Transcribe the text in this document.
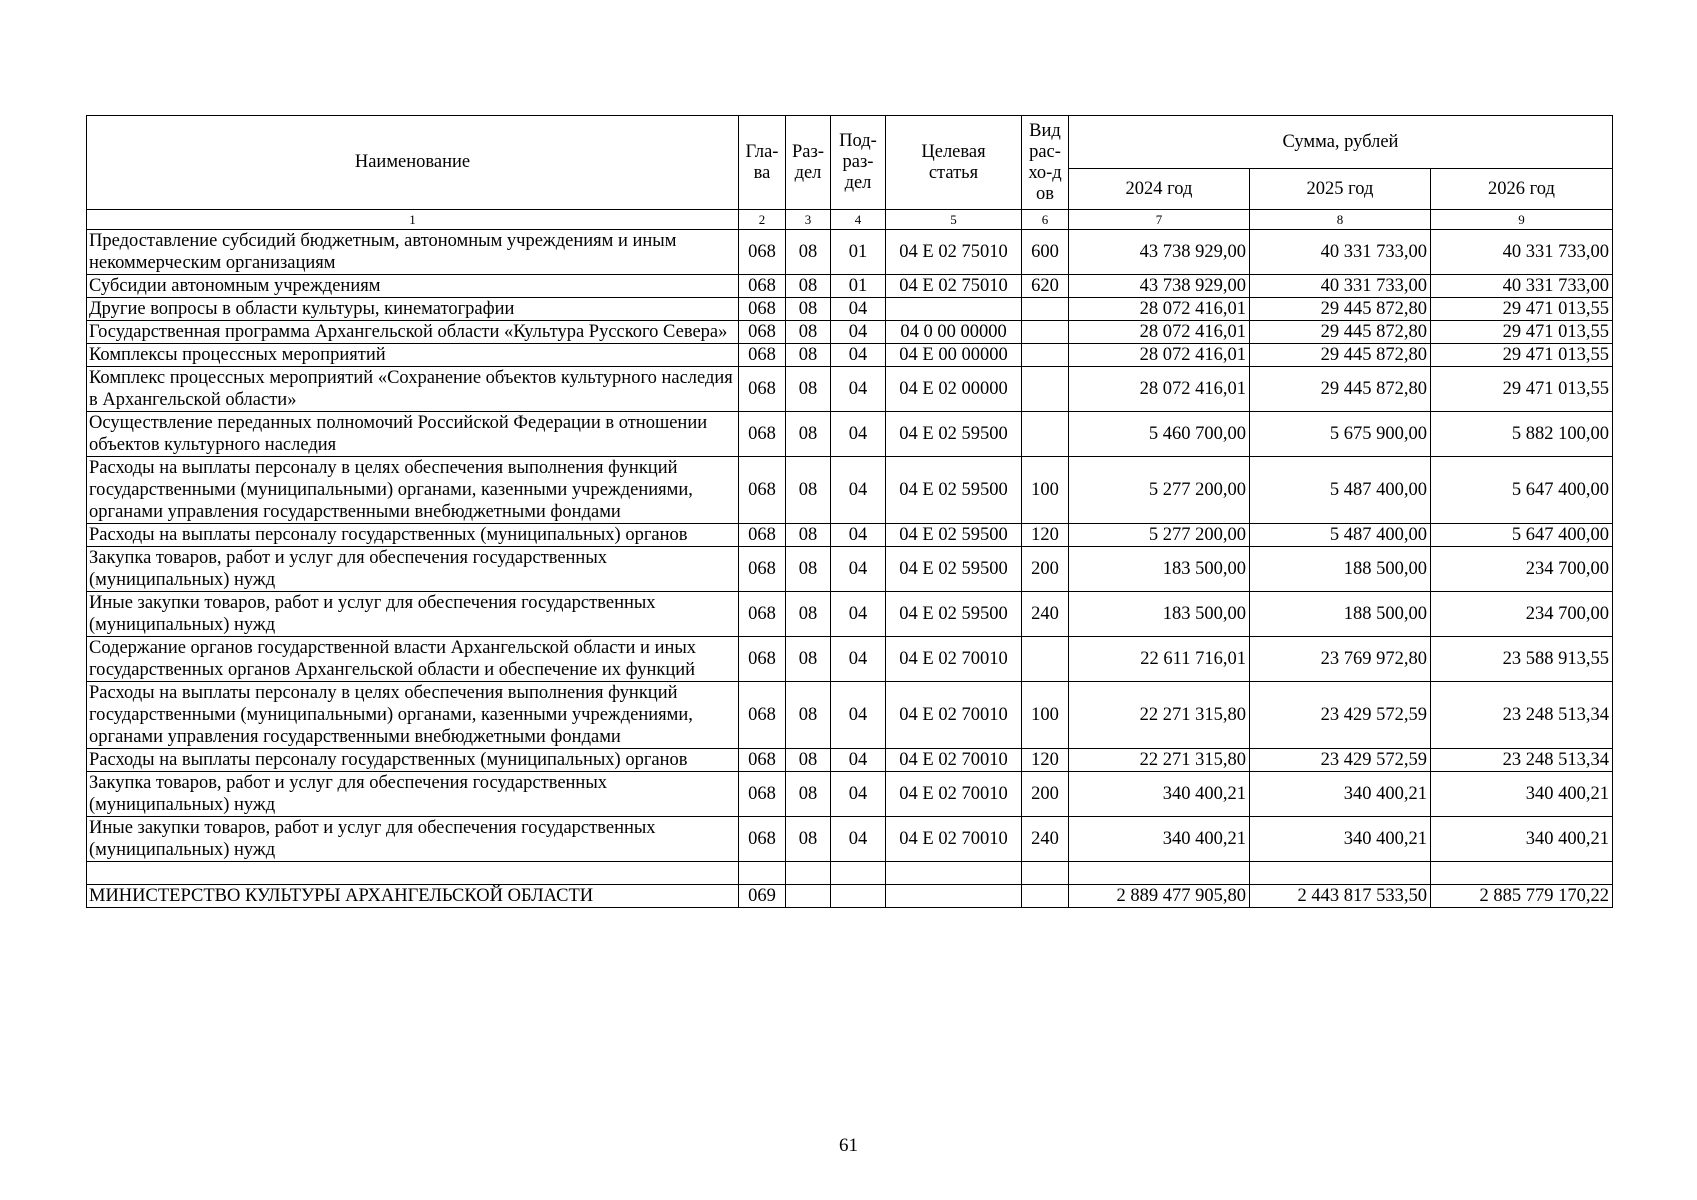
Наименование	Гла-ва	Раз-дел	Под-раз-дел	Целевая статья	Вид рас-хо-дов	Сумма, рублей		
						2024 год	2025 год	2026 год
1	2	3	4	5	6	7	8	9
Предоставление субсидий бюджетным, автономным учреждениям и иным некоммерческим организациям	068	08	01	04 Е 02 75010	600	43 738 929,00	40 331 733,00	40 331 733,00
Субсидии автономным учреждениям	068	08	01	04 Е 02 75010	620	43 738 929,00	40 331 733,00	40 331 733,00
Другие вопросы в области культуры, кинематографии	068	08	04			28 072 416,01	29 445 872,80	29 471 013,55
Государственная программа Архангельской области «Культура Русского Севера»	068	08	04	04 0 00 00000		28 072 416,01	29 445 872,80	29 471 013,55
Комплексы процессных мероприятий	068	08	04	04 Е 00 00000		28 072 416,01	29 445 872,80	29 471 013,55
Комплекс процессных мероприятий «Сохранение объектов культурного наследия в Архангельской области»	068	08	04	04 Е 02 00000		28 072 416,01	29 445 872,80	29 471 013,55
Осуществление переданных полномочий Российской Федерации в отношении объектов культурного наследия	068	08	04	04 Е 02 59500		5 460 700,00	5 675 900,00	5 882 100,00
Расходы на выплаты персоналу в целях обеспечения выполнения функций государственными (муниципальными) органами, казенными учреждениями, органами управления государственными внебюджетными фондами	068	08	04	04 Е 02 59500	100	5 277 200,00	5 487 400,00	5 647 400,00
Расходы на выплаты персоналу государственных (муниципальных) органов	068	08	04	04 Е 02 59500	120	5 277 200,00	5 487 400,00	5 647 400,00
Закупка товаров, работ и услуг для обеспечения государственных (муниципальных) нужд	068	08	04	04 Е 02 59500	200	183 500,00	188 500,00	234 700,00
Иные закупки товаров, работ и услуг для обеспечения государственных (муниципальных) нужд	068	08	04	04 Е 02 59500	240	183 500,00	188 500,00	234 700,00
Содержание органов государственной власти Архангельской области и иных государственных органов Архангельской области и обеспечение их функций	068	08	04	04 Е 02 70010		22 611 716,01	23 769 972,80	23 588 913,55
Расходы на выплаты персоналу в целях обеспечения выполнения функций государственными (муниципальными) органами, казенными учреждениями, органами управления государственными внебюджетными фондами	068	08	04	04 Е 02 70010	100	22 271 315,80	23 429 572,59	23 248 513,34
Расходы на выплаты персоналу государственных (муниципальных) органов	068	08	04	04 Е 02 70010	120	22 271 315,80	23 429 572,59	23 248 513,34
Закупка товаров, работ и услуг для обеспечения государственных (муниципальных) нужд	068	08	04	04 Е 02 70010	200	340 400,21	340 400,21	340 400,21
Иные закупки товаров, работ и услуг для обеспечения государственных (муниципальных) нужд	068	08	04	04 Е 02 70010	240	340 400,21	340 400,21	340 400,21

МИНИСТЕРСТВО КУЛЬТУРЫ АРХАНГЕЛЬСКОЙ ОБЛАСТИ	069					2 889 477 905,80	2 443 817 533,50	2 885 779 170,22
61
